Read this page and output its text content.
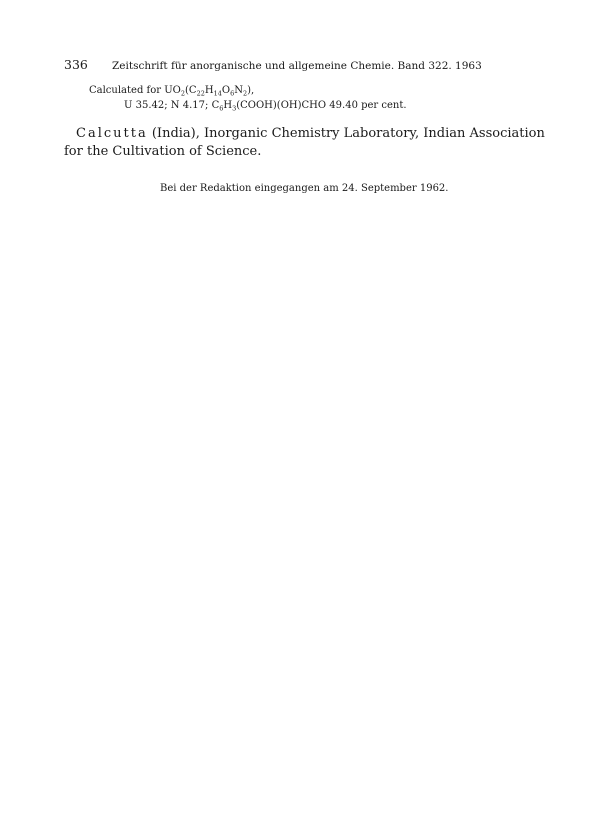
336 Zeitschrift für anorganische und allgemeine Chemie. Band 322. 1963
Calculated for $UO_2(C_{22}H_{14}O_6N_2)$,
U 35.42; N 4.17; $C_6H_3(COOH)(OH)CHO$ 49.40 per cent.
Calcutta (India), Inorganic Chemistry Laboratory, Indian Association
for the Cultivation of Science.
Bei der Redaktion eingegangen am 24. September 1962.
